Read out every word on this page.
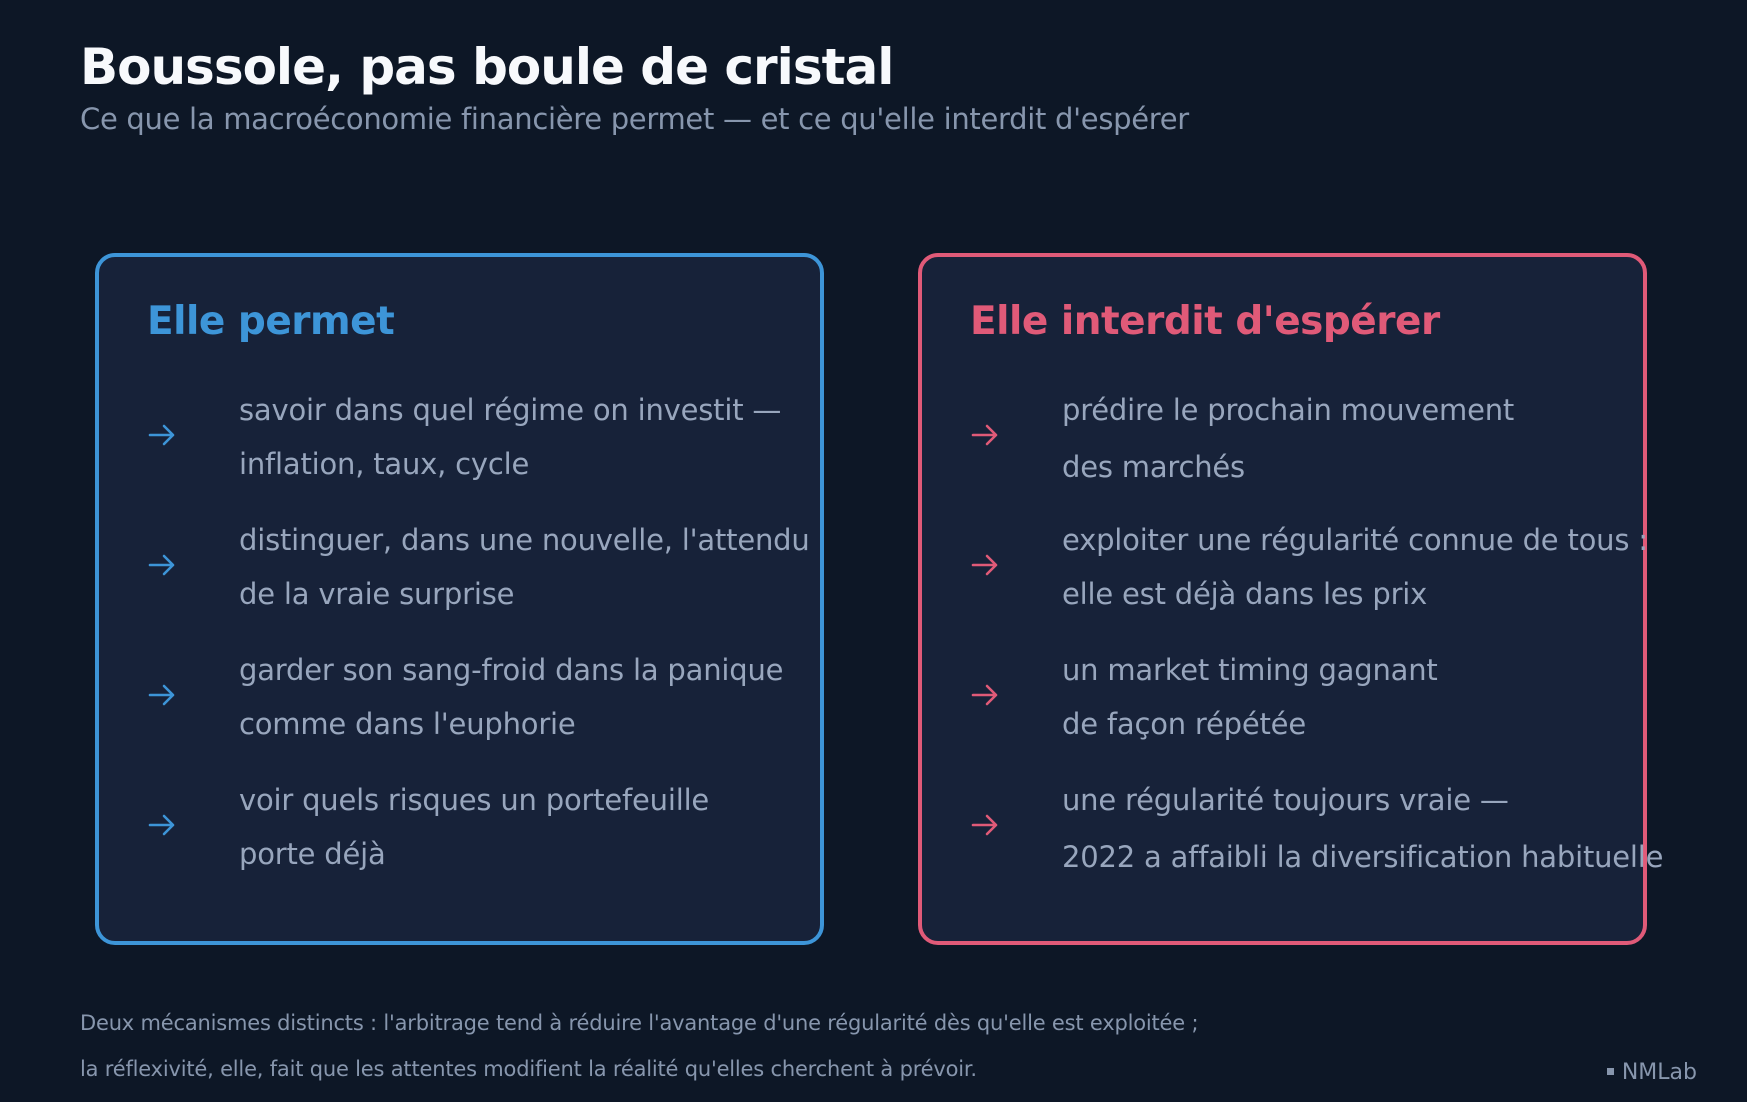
Boussole, pas boule de cristal
Ce que la macroéconomie financière permet — et ce qu'elle interdit d'espérer
Elle permet
savoir dans quel régime on investit —
inflation, taux, cycle
distinguer, dans une nouvelle, l'attendu
de la vraie surprise
garder son sang-froid dans la panique
comme dans l'euphorie
voir quels risques un portefeuille
porte déjà
Elle interdit d'espérer
prédire le prochain mouvement
des marchés
exploiter une régularité connue de tous :
elle est déjà dans les prix
un market timing gagnant
de façon répétée
une régularité toujours vraie —
2022 a affaibli la diversification habituelle
Deux mécanismes distincts : l'arbitrage tend à réduire l'avantage d'une régularité dès qu'elle est exploitée ;
la réflexivité, elle, fait que les attentes modifient la réalité qu'elles cherchent à prévoir.	NMLab
